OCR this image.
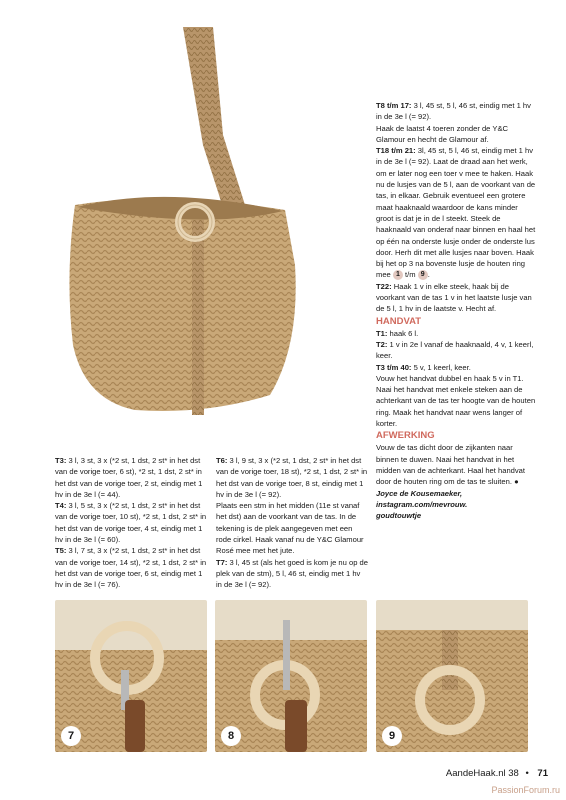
T8 t/m 17: 3 l, 45 st, 5 l, 46 st, eindig met 1 hv in de 3e l (= 92).

Haak de laatst 4 toeren zonder de Y&C Glamour en hecht de Glamour af.

T18 t/m 21: 3l, 45 st, 5 l, 46 st, eindig met 1 hv in de 3e l (= 92). Laat de draad aan het werk, om er later nog een toer v mee te haken. Haak nu de lusjes van de 5 l, aan de voorkant van de tas, in elkaar. Gebruik eventueel een grotere maat haaknaald waardoor de kans minder groot is dat je in de l steekt. Steek de haaknaald van onderaf naar binnen en haal het op één na onderste lusje onder de onderste lus door. Herh dit met alle lusjes naar boven. Haak bij het op 3 na bovenste lusje de houten ring mee 1 t/m 9 .

T22: Haak 1 v in elke steek, haak bij de voorkant van de tas 1 v in het laatste lusje van de 5 l, 1 hv in de laatste v. Hecht af.

HANDVAT

T1: haak 6 l.

T2: 1 v in 2e l vanaf de haaknaald, 4 v, 1 keerl, keer.

T3 t/m 40: 5 v, 1 keerl, keer.

Vouw het handvat dubbel en haak 5 v in T1. Naai het handvat met enkele steken aan de achterkant van de tas ter hoogte van de houten ring. Maak het handvat naar wens langer of korter.

AFWERKING

Vouw de tas dicht door de zijkanten naar binnen te duwen. Naai het handvat in het midden van de achterkant. Haal het handvat door de houten ring om de tas te sluiten. ●

Joyce de Kousemaeker,
instagram.com/mevrouw.
goudtouwtje

T3: 3 l, 3 st, 3 x (*2 st, 1 dst, 2 st* in het dst van de vorige toer, 6 st), *2 st, 1 dst, 2 st* in het dst van de vorige toer, 2 st, eindig met 1 hv in de 3e l (= 44).

T4: 3 l, 5 st, 3 x (*2 st, 1 dst, 2 st* in het dst van de vorige toer, 10 st), *2 st, 1 dst, 2 st* in het dst van de vorige toer, 4 st, eindig met 1 hv in de 3e l (= 60).

T5: 3 l, 7 st, 3 x (*2 st, 1 dst, 2 st* in het dst van de vorige toer, 14 st), *2 st, 1 dst, 2 st* in het dst van de vorige toer, 6 st, eindig met 1 hv in de 3e l (= 76).

T6: 3 l, 9 st, 3 x (*2 st, 1 dst, 2 st* in het dst van de vorige toer, 18 st), *2 st, 1 dst, 2 st* in het dst van de vorige toer, 8 st, eindig met 1 hv in de 3e l (= 92).

Plaats een stm in het midden (11e st vanaf het dst) aan de voorkant van de tas. In de tekening is de plek aangegeven met een rode cirkel. Haak vanaf nu de Y&C Glamour Rosé mee met het jute.

T7: 3 l, 45 st (als het goed is kom je nu op de plek van de stm), 5 l, 46 st, eindig met 1 hv in de 3e l (= 92).

7	8	9
AandeHaak.nl 38 • 71
PassionForum.ru
